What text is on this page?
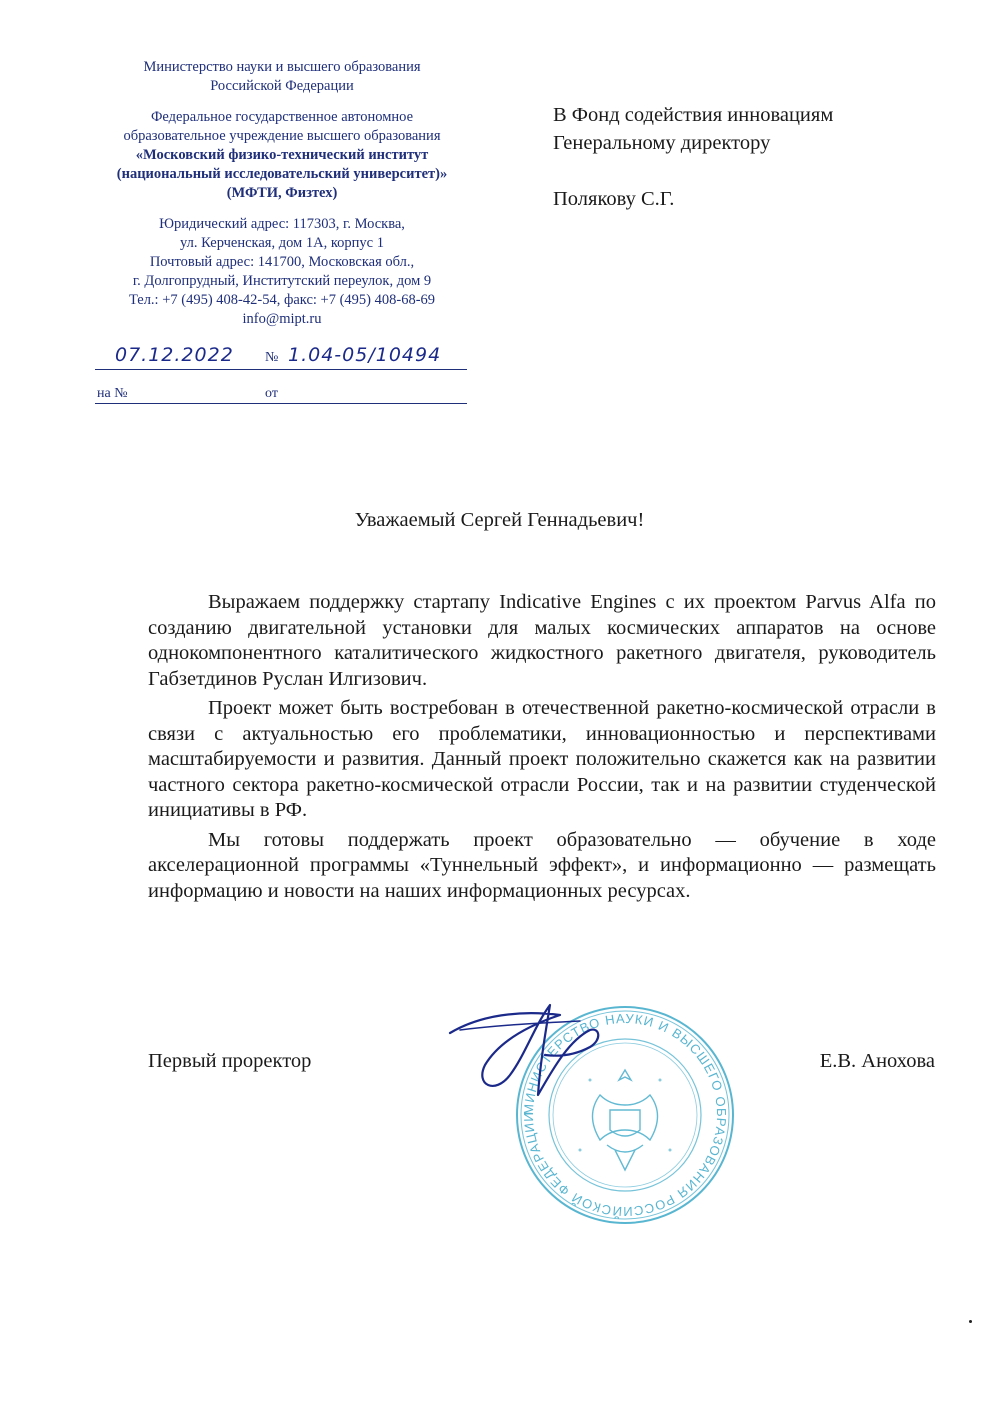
Министерство науки и высшего образования
Российской Федерации
Федеральное государственное автономное
образовательное учреждение высшего образования
«Московский физико-технический институт
(национальный исследовательский университет)»
(МФТИ, Физтех)
Юридический адрес: 117303, г. Москва,
ул. Керченская, дом 1А, корпус 1
Почтовый адрес: 141700, Московская обл.,
г. Долгопрудный, Институтский переулок, дом 9
Тел.: +7 (495) 408-42-54, факс: +7 (495) 408-68-69
info@mipt.ru
07.12.2022 № 1.04-05/10494
на №	от
В Фонд содействия инновациям
Генеральному директору
Полякову С.Г.
Уважаемый Сергей Геннадьевич!

Выражаем поддержку стартапу Indicative Engines с их проектом Parvus Alfa по созданию двигательной установки для малых космических аппаратов на основе однокомпонентного каталитического жидкостного ракетного двигателя, руководитель Габзетдинов Руслан Илгизович.

Проект может быть востребован в отечественной ракетно-космической отрасли в связи с актуальностью его проблематики, инновационностью и перспективами масштабируемости и развития. Данный проект положительно скажется как на развитии частного сектора ракетно-космической отрасли России, так и на развитии студенческой инициативы в РФ.

Мы готовы поддержать проект образовательно — обучение в ходе акселерационной программы «Туннельный эффект», и информационно — размещать информацию и новости на наших информационных ресурсах.

Первый проректор	Е.В. Анохова
МИНИСТЕРСТВО НАУКИ И ВЫСШЕГО ОБРАЗОВАНИЯ РОССИЙСКОЙ ФЕДЕРАЦИИ
